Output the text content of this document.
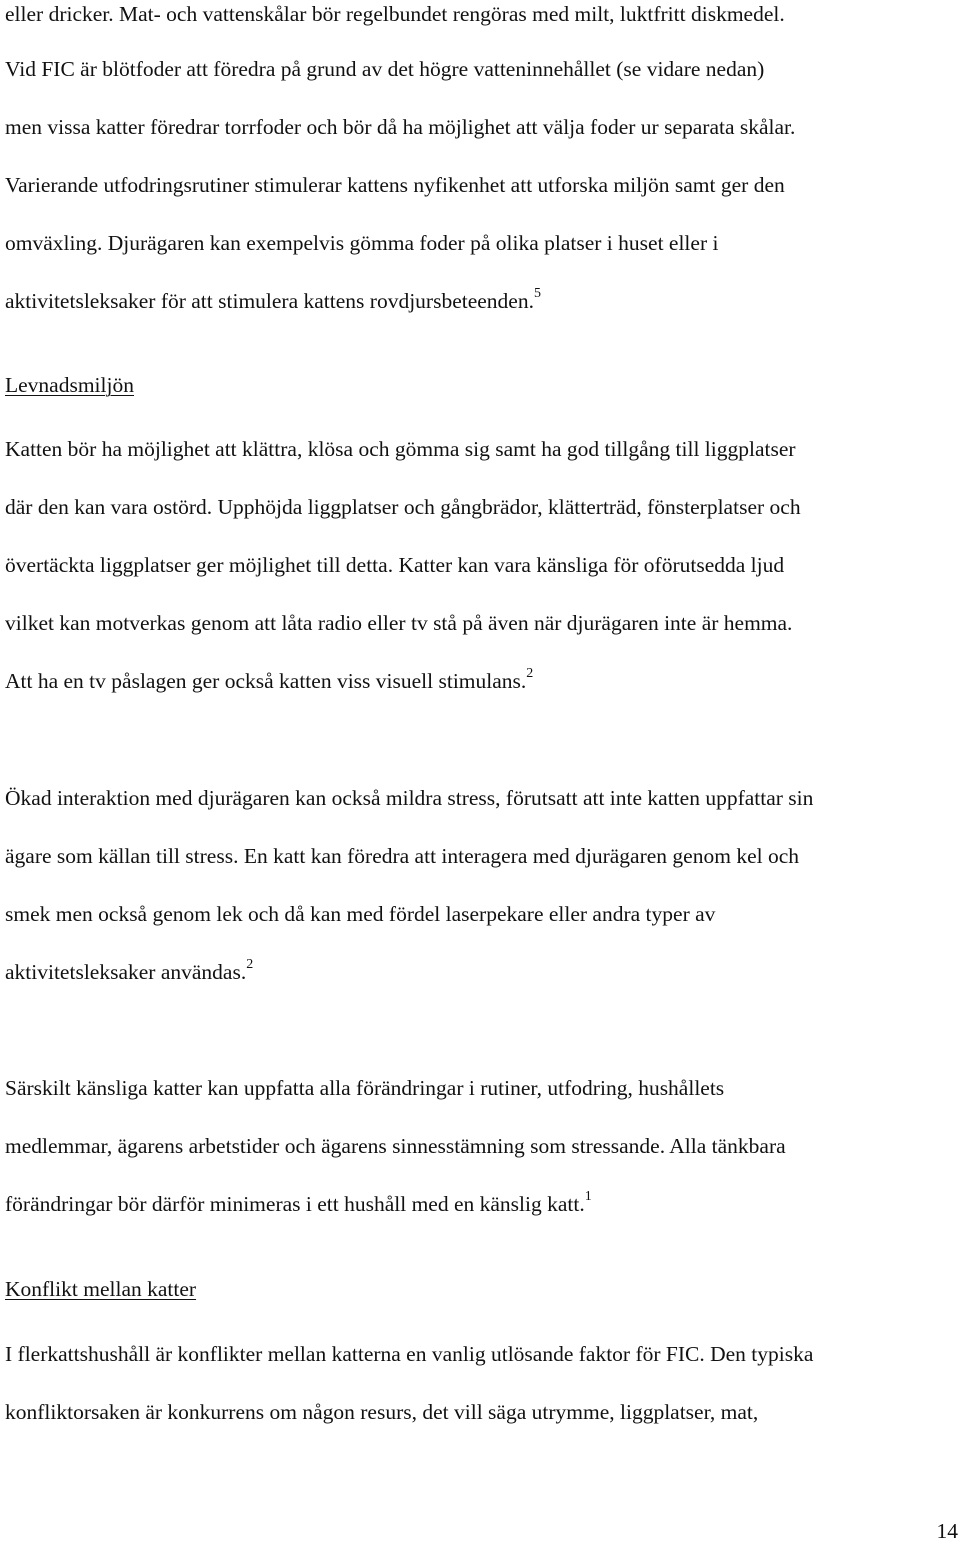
eller dricker. Mat- och vattenskålar bör regelbundet rengöras med milt, luktfritt diskmedel.
Vid FIC är blötfoder att föredra på grund av det högre vatteninnehållet (se vidare nedan)
men vissa katter föredrar torrfoder och bör då ha möjlighet att välja foder ur separata skålar.
Varierande utfodringsrutiner stimulerar kattens nyfikenhet att utforska miljön samt ger den
omväxling. Djurägaren kan exempelvis gömma foder på olika platser i huset eller i
aktivitetsleksaker för att stimulera kattens rovdjursbeteenden.$^5$
Levnadsmiljön
Katten bör ha möjlighet att klättra, klösa och gömma sig samt ha god tillgång till liggplatser
där den kan vara ostörd. Upphöjda liggplatser och gångbrädor, klätterträd, fönsterplatser och
övertäckta liggplatser ger möjlighet till detta. Katter kan vara känsliga för oförutsedda ljud
vilket kan motverkas genom att låta radio eller tv stå på även när djurägaren inte är hemma.
Att ha en tv påslagen ger också katten viss visuell stimulans.$^2$
Ökad interaktion med djurägaren kan också mildra stress, förutsatt att inte katten uppfattar sin
ägare som källan till stress. En katt kan föredra att interagera med djurägaren genom kel och
smek men också genom lek och då kan med fördel laserpekare eller andra typer av
aktivitetsleksaker användas.$^2$
Särskilt känsliga katter kan uppfatta alla förändringar i rutiner, utfodring, hushållets
medlemmar, ägarens arbetstider och ägarens sinnesstämning som stressande. Alla tänkbara
förändringar bör därför minimeras i ett hushåll med en känslig katt.$^1$
Konflikt mellan katter
I flerkattshushåll är konflikter mellan katterna en vanlig utlösande faktor för FIC. Den typiska
konfliktorsaken är konkurrens om någon resurs, det vill säga utrymme, liggplatser, mat,
14
